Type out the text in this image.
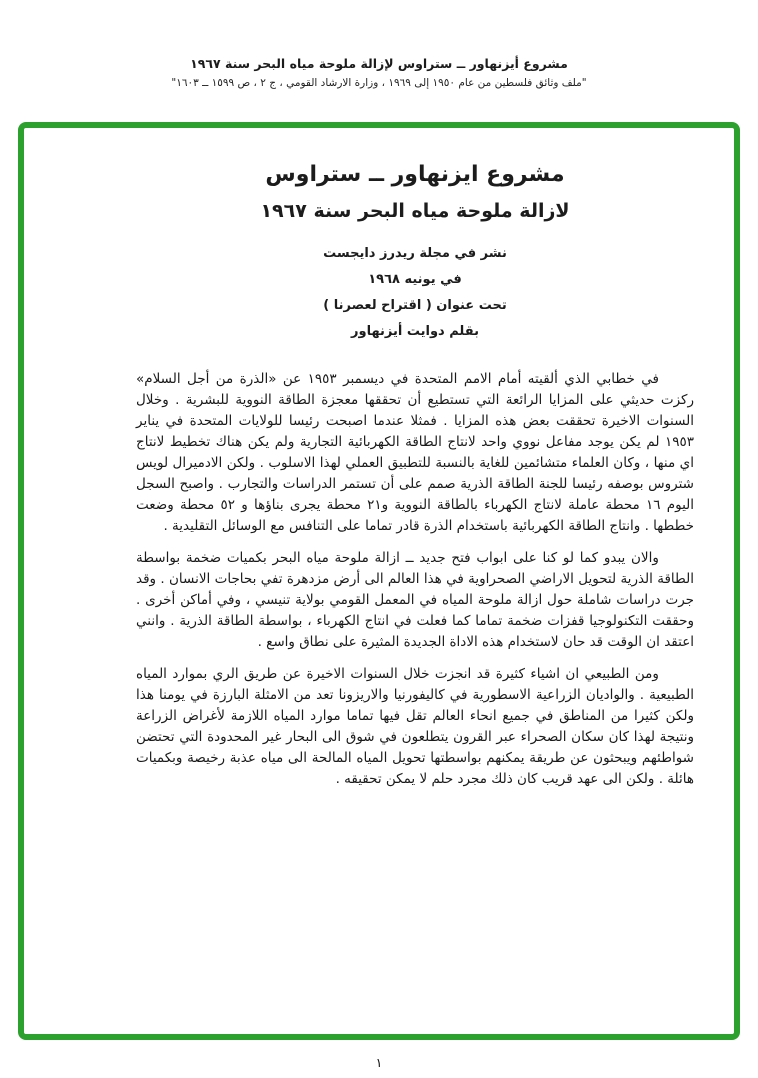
مشروع أيزنهاور ــ ستراوس لإزالة ملوحة مياه البحر سنة ١٩٦٧
"ملف وثائق فلسطين من عام ١٩٥٠ إلى ١٩٦٩ ، وزارة الارشاد القومي ، ج ٢ ، ص ١٥٩٩ ــ ١٦٠٣"
مشروع ايزنهاور ــ ستراوس
لازالة ملوحة مياه البحر سنة ١٩٦٧
نشر في مجلة ريدرز دايجست
في يونيه ١٩٦٨
تحت عنوان ( اقتراح لعصرنا )
بقلم دوايت أيزنهاور

في خطابي الذي ألقيته أمام الامم المتحدة في ديسمبر ١٩٥٣ عن «الذرة من أجل السلام» ركزت حديثي على المزايا الرائعة التي تستطيع أن تحققها معجزة الطاقة النووية للبشرية . وخلال السنوات الاخيرة تحققت بعض هذه المزايا . فمثلا عندما اصبحت رئيسا للولايات المتحدة في يناير ١٩٥٣ لم يكن يوجد مفاعل نووي واحد لانتاج الطاقة الكهربائية التجارية ولم يكن هناك تخطيط لانتاج اي منها ، وكان العلماء متشائمين للغاية بالنسبة للتطبيق العملي لهذا الاسلوب . ولكن الادميرال لويس شتروس بوصفه رئيسا للجنة الطاقة الذرية صمم على أن تستمر الدراسات والتجارب . واصبح السجل اليوم ١٦ محطة عاملة لانتاج الكهرباء بالطاقة النووية و٢١ محطة يجرى بناؤها و ٥٢ محطة وضعت خططها . وانتاج الطاقة الكهربائية باستخدام الذرة قادر تماما على التنافس مع الوسائل التقليدية .

والان يبدو كما لو كنا على ابواب فتح جديد ــ ازالة ملوحة مياه البحر بكميات ضخمة بواسطة الطاقة الذرية لتحويل الاراضي الصحراوية في هذا العالم الى أرض مزدهرة تفي بحاجات الانسان . وقد جرت دراسات شاملة حول ازالة ملوحة المياه في المعمل القومي بولاية تنيسي ، وفي أماكن أخرى . وحققت التكنولوجيا قفزات ضخمة تماما كما فعلت في انتاج الكهرباء ، بواسطة الطاقة الذرية . وانني اعتقد ان الوقت قد حان لاستخدام هذه الاداة الجديدة المثيرة على نطاق واسع .

ومن الطبيعي ان اشياء كثيرة قد انجزت خلال السنوات الاخيرة عن طريق الري بموارد المياه الطبيعية . والواديان الزراعية الاسطورية في كاليفورنيا والاريزونا تعد من الامثلة البارزة في يومنا هذا ولكن كثيرا من المناطق في جميع انحاء العالم تقل فيها تماما موارد المياه اللازمة لأغراض الزراعة ونتيجة لهذا كان سكان الصحراء عبر القرون يتطلعون في شوق الى البحار غير المحدودة التي تحتضن شواطئهم ويبحثون عن طريقة يمكنهم بواسطتها تحويل المياه المالحة الى مياه عذبة رخيصة وبكميات هائلة . ولكن الى عهد قريب كان ذلك مجرد حلم لا يمكن تحقيقه .

١
